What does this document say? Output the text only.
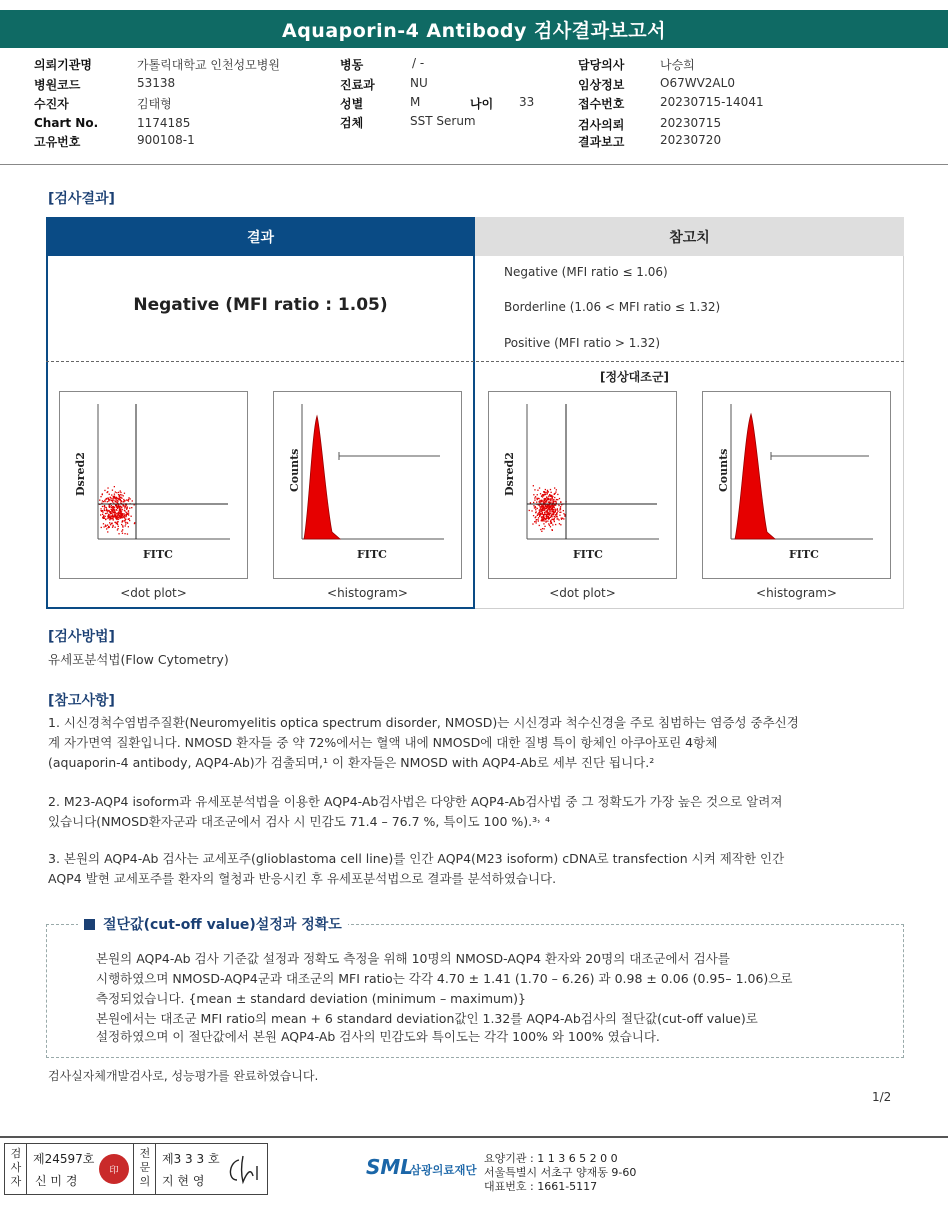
Aquaporin-4 Antibody 검사결과보고서
의뢰기관명	가톨릭대학교 인천성모병원
병원코드	53138
수진자	김태형
Chart No.	1174185
고유번호	900108-1
병동	/ -
진료과	NU
성별	M	나이 33
검체	SST Serum
담당의사	나승희
임상정보	O67WV2AL0
접수번호	20230715-14041
검사의뢰	20230715
결과보고	20230720
[검사결과]
결과	참고치
Negative (MFI ratio : 1.05)
Negative (MFI ratio ≤ 1.06)
Borderline (1.06 < MFI ratio ≤ 1.32)
Positive (MFI ratio > 1.32)
[정상대조군]
Dsred2
FITC
<dot plot>
Counts
FITC
<histogram>
Dsred2
FITC
<dot plot>
Counts
FITC
<histogram>
[검사방법]
유세포분석법(Flow Cytometry)
[참고사항]
1. 시신경척수염범주질환(Neuromyelitis optica spectrum disorder, NMOSD)는 시신경과 척수신경을 주로 침범하는 염증성 중추신경
계 자가면역 질환입니다. NMOSD 환자들 중 약 72%에서는 혈액 내에 NMOSD에 대한 질병 특이 항체인 아쿠아포린 4항체
(aquaporin-4 antibody, AQP4-Ab)가 검출되며,¹ 이 환자들은 NMOSD with AQP4-Ab로 세부 진단 됩니다.²
2. M23-AQP4 isoform과 유세포분석법을 이용한 AQP4-Ab검사법은 다양한 AQP4-Ab검사법 중 그 정확도가 가장 높은 것으로 알려져
있습니다(NMOSD환자군과 대조군에서 검사 시 민감도 71.4 – 76.7 %, 특이도 100 %).³˒ ⁴
3. 본원의 AQP4-Ab 검사는 교세포주(glioblastoma cell line)를 인간 AQP4(M23 isoform) cDNA로 transfection 시켜 제작한 인간
AQP4 발현 교세포주를 환자의 혈청과 반응시킨 후 유세포분석법으로 결과를 분석하였습니다.
절단값(cut-off value)설정과 정확도
본원의 AQP4-Ab 검사 기준값 설정과 정확도 측정을 위해 10명의 NMOSD-AQP4 환자와 20명의 대조군에서 검사를
시행하였으며 NMOSD-AQP4군과 대조군의 MFI ratio는 각각 4.70 ± 1.41 (1.70 – 6.26) 과 0.98 ± 0.06 (0.95– 1.06)으로
측정되었습니다. {mean ± standard deviation (minimum – maximum)}
본원에서는 대조군 MFI ratio의 mean + 6 standard deviation값인 1.32를 AQP4-Ab검사의 절단값(cut-off value)로
설정하였으며 이 절단값에서 본원 AQP4-Ab 검사의 민감도와 특이도는 각각 100% 와 100% 였습니다.
검사실자체개발검사로, 성능평가를 완료하였습니다.
1/2
검
사
자
제24597호
신 미 경
印
전
문
의
제3 3 3 호
지 현 영
SML
삼광의료재단
요양기관 : 1 1 3 6 5 2 0 0
서울특별시 서초구 양재동 9-60
대표번호 : 1661-5117
